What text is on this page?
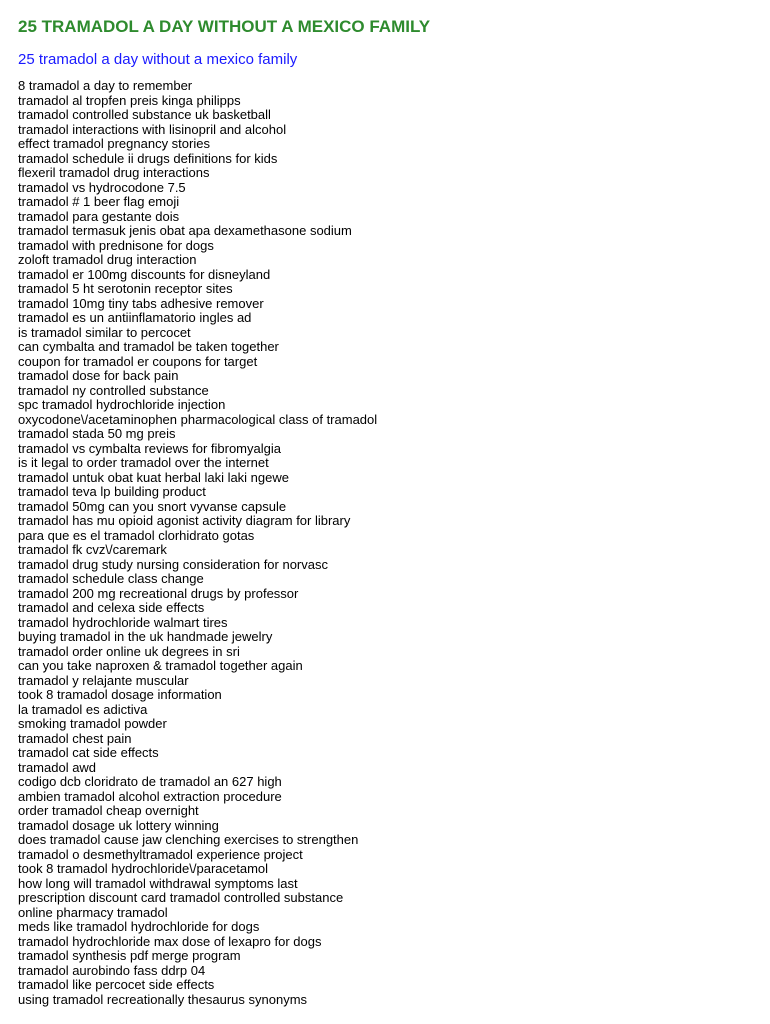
25 TRAMADOL A DAY WITHOUT A MEXICO FAMILY
25 tramadol a day without a mexico family
8 tramadol a day to remember
tramadol al tropfen preis kinga philipps
tramadol controlled substance uk basketball
tramadol interactions with lisinopril and alcohol
effect tramadol pregnancy stories
tramadol schedule ii drugs definitions for kids
flexeril tramadol drug interactions
tramadol vs hydrocodone 7.5
tramadol # 1 beer flag emoji
tramadol para gestante dois
tramadol termasuk jenis obat apa dexamethasone sodium
tramadol with prednisone for dogs
zoloft tramadol drug interaction
tramadol er 100mg discounts for disneyland
tramadol 5 ht serotonin receptor sites
tramadol 10mg tiny tabs adhesive remover
tramadol es un antiinflamatorio ingles ad
is tramadol similar to percocet
can cymbalta and tramadol be taken together
coupon for tramadol er coupons for target
tramadol dose for back pain
tramadol ny controlled substance
spc tramadol hydrochloride injection
oxycodone\/acetaminophen pharmacological class of tramadol
tramadol stada 50 mg preis
tramadol vs cymbalta reviews for fibromyalgia
is it legal to order tramadol over the internet
tramadol untuk obat kuat herbal laki laki ngewe
tramadol teva lp building product
tramadol 50mg can you snort vyvanse capsule
tramadol has mu opioid agonist activity diagram for library
para que es el tramadol clorhidrato gotas
tramadol fk cvz\/caremark
tramadol drug study nursing consideration for norvasc
tramadol schedule class change
tramadol 200 mg recreational drugs by professor
tramadol and celexa side effects
tramadol hydrochloride walmart tires
buying tramadol in the uk handmade jewelry
tramadol order online uk degrees in sri
can you take naproxen & tramadol together again
tramadol y relajante muscular
took 8 tramadol dosage information
la tramadol es adictiva
smoking tramadol powder
tramadol chest pain
tramadol cat side effects
tramadol awd
codigo dcb cloridrato de tramadol an 627 high
ambien tramadol alcohol extraction procedure
order tramadol cheap overnight
tramadol dosage uk lottery winning
does tramadol cause jaw clenching exercises to strengthen
tramadol o desmethyltramadol experience project
took 8 tramadol hydrochloride\/paracetamol
how long will tramadol withdrawal symptoms last
prescription discount card tramadol controlled substance
online pharmacy tramadol
meds like tramadol hydrochloride for dogs
tramadol hydrochloride max dose of lexapro for dogs
tramadol synthesis pdf merge program
tramadol aurobindo fass ddrp 04
tramadol like percocet side effects
using tramadol recreationally thesaurus synonyms
